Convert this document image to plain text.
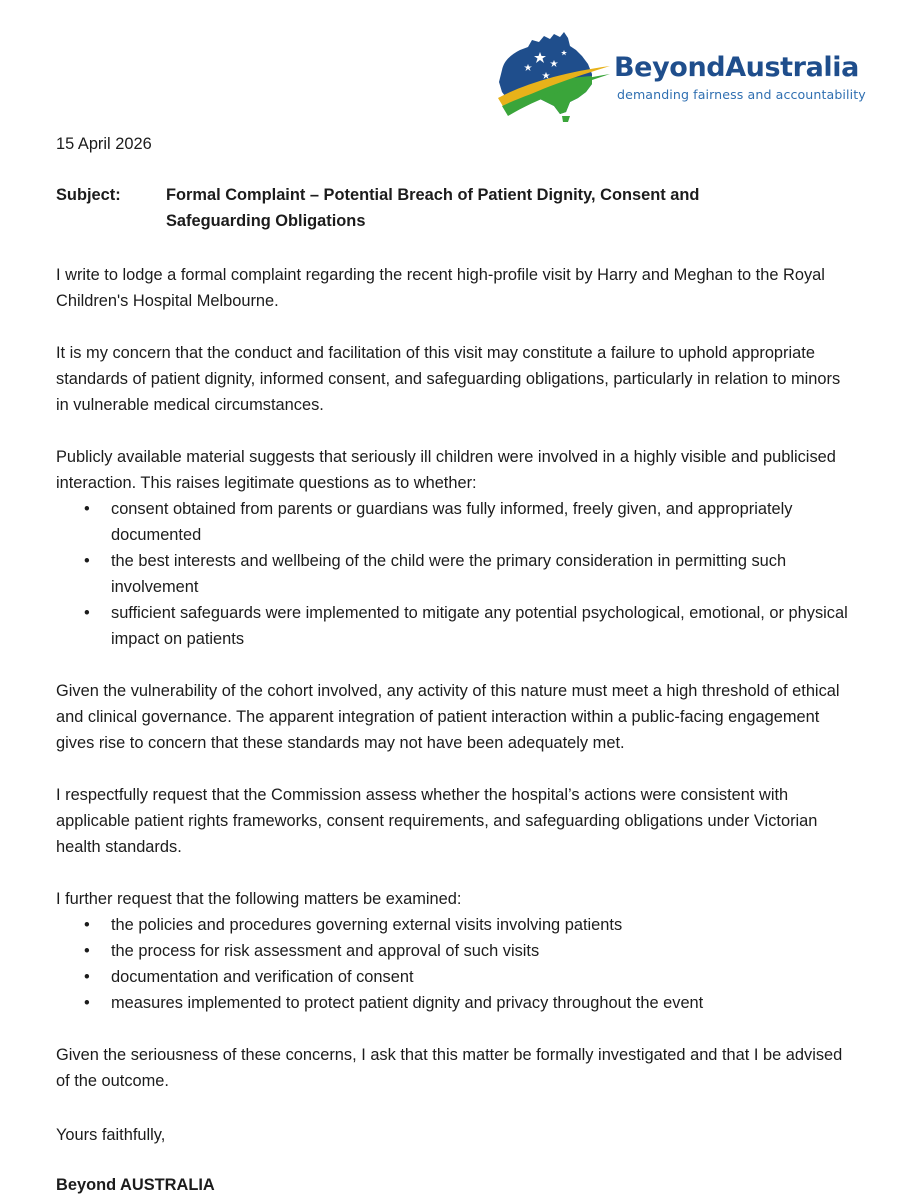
BeyondAustralia
demanding fairness and accountability
15 April 2026
Subject:	Formal Complaint – Potential Breach of Patient Dignity, Consent and
Safeguarding Obligations

I write to lodge a formal complaint regarding the recent high-profile visit by Harry and Meghan to the Royal Children's Hospital Melbourne.

It is my concern that the conduct and facilitation of this visit may constitute a failure to uphold appropriate standards of patient dignity, informed consent, and safeguarding obligations, particularly in relation to minors in vulnerable medical circumstances.

Publicly available material suggests that seriously ill children were involved in a highly visible and publicised interaction. This raises legitimate questions as to whether:

• consent obtained from parents or guardians was fully informed, freely given, and appropriately documented
• the best interests and wellbeing of the child were the primary consideration in permitting such involvement
• sufficient safeguards were implemented to mitigate any potential psychological, emotional, or physical impact on patients

Given the vulnerability of the cohort involved, any activity of this nature must meet a high threshold of ethical and clinical governance. The apparent integration of patient interaction within a public-facing engagement gives rise to concern that these standards may not have been adequately met.

I respectfully request that the Commission assess whether the hospital’s actions were consistent with applicable patient rights frameworks, consent requirements, and safeguarding obligations under Victorian health standards.

I further request that the following matters be examined:

• the policies and procedures governing external visits involving patients
• the process for risk assessment and approval of such visits
• documentation and verification of consent
• measures implemented to protect patient dignity and privacy throughout the event

Given the seriousness of these concerns, I ask that this matter be formally investigated and that I be advised of the outcome.

Yours faithfully,
Beyond AUSTRALIA
